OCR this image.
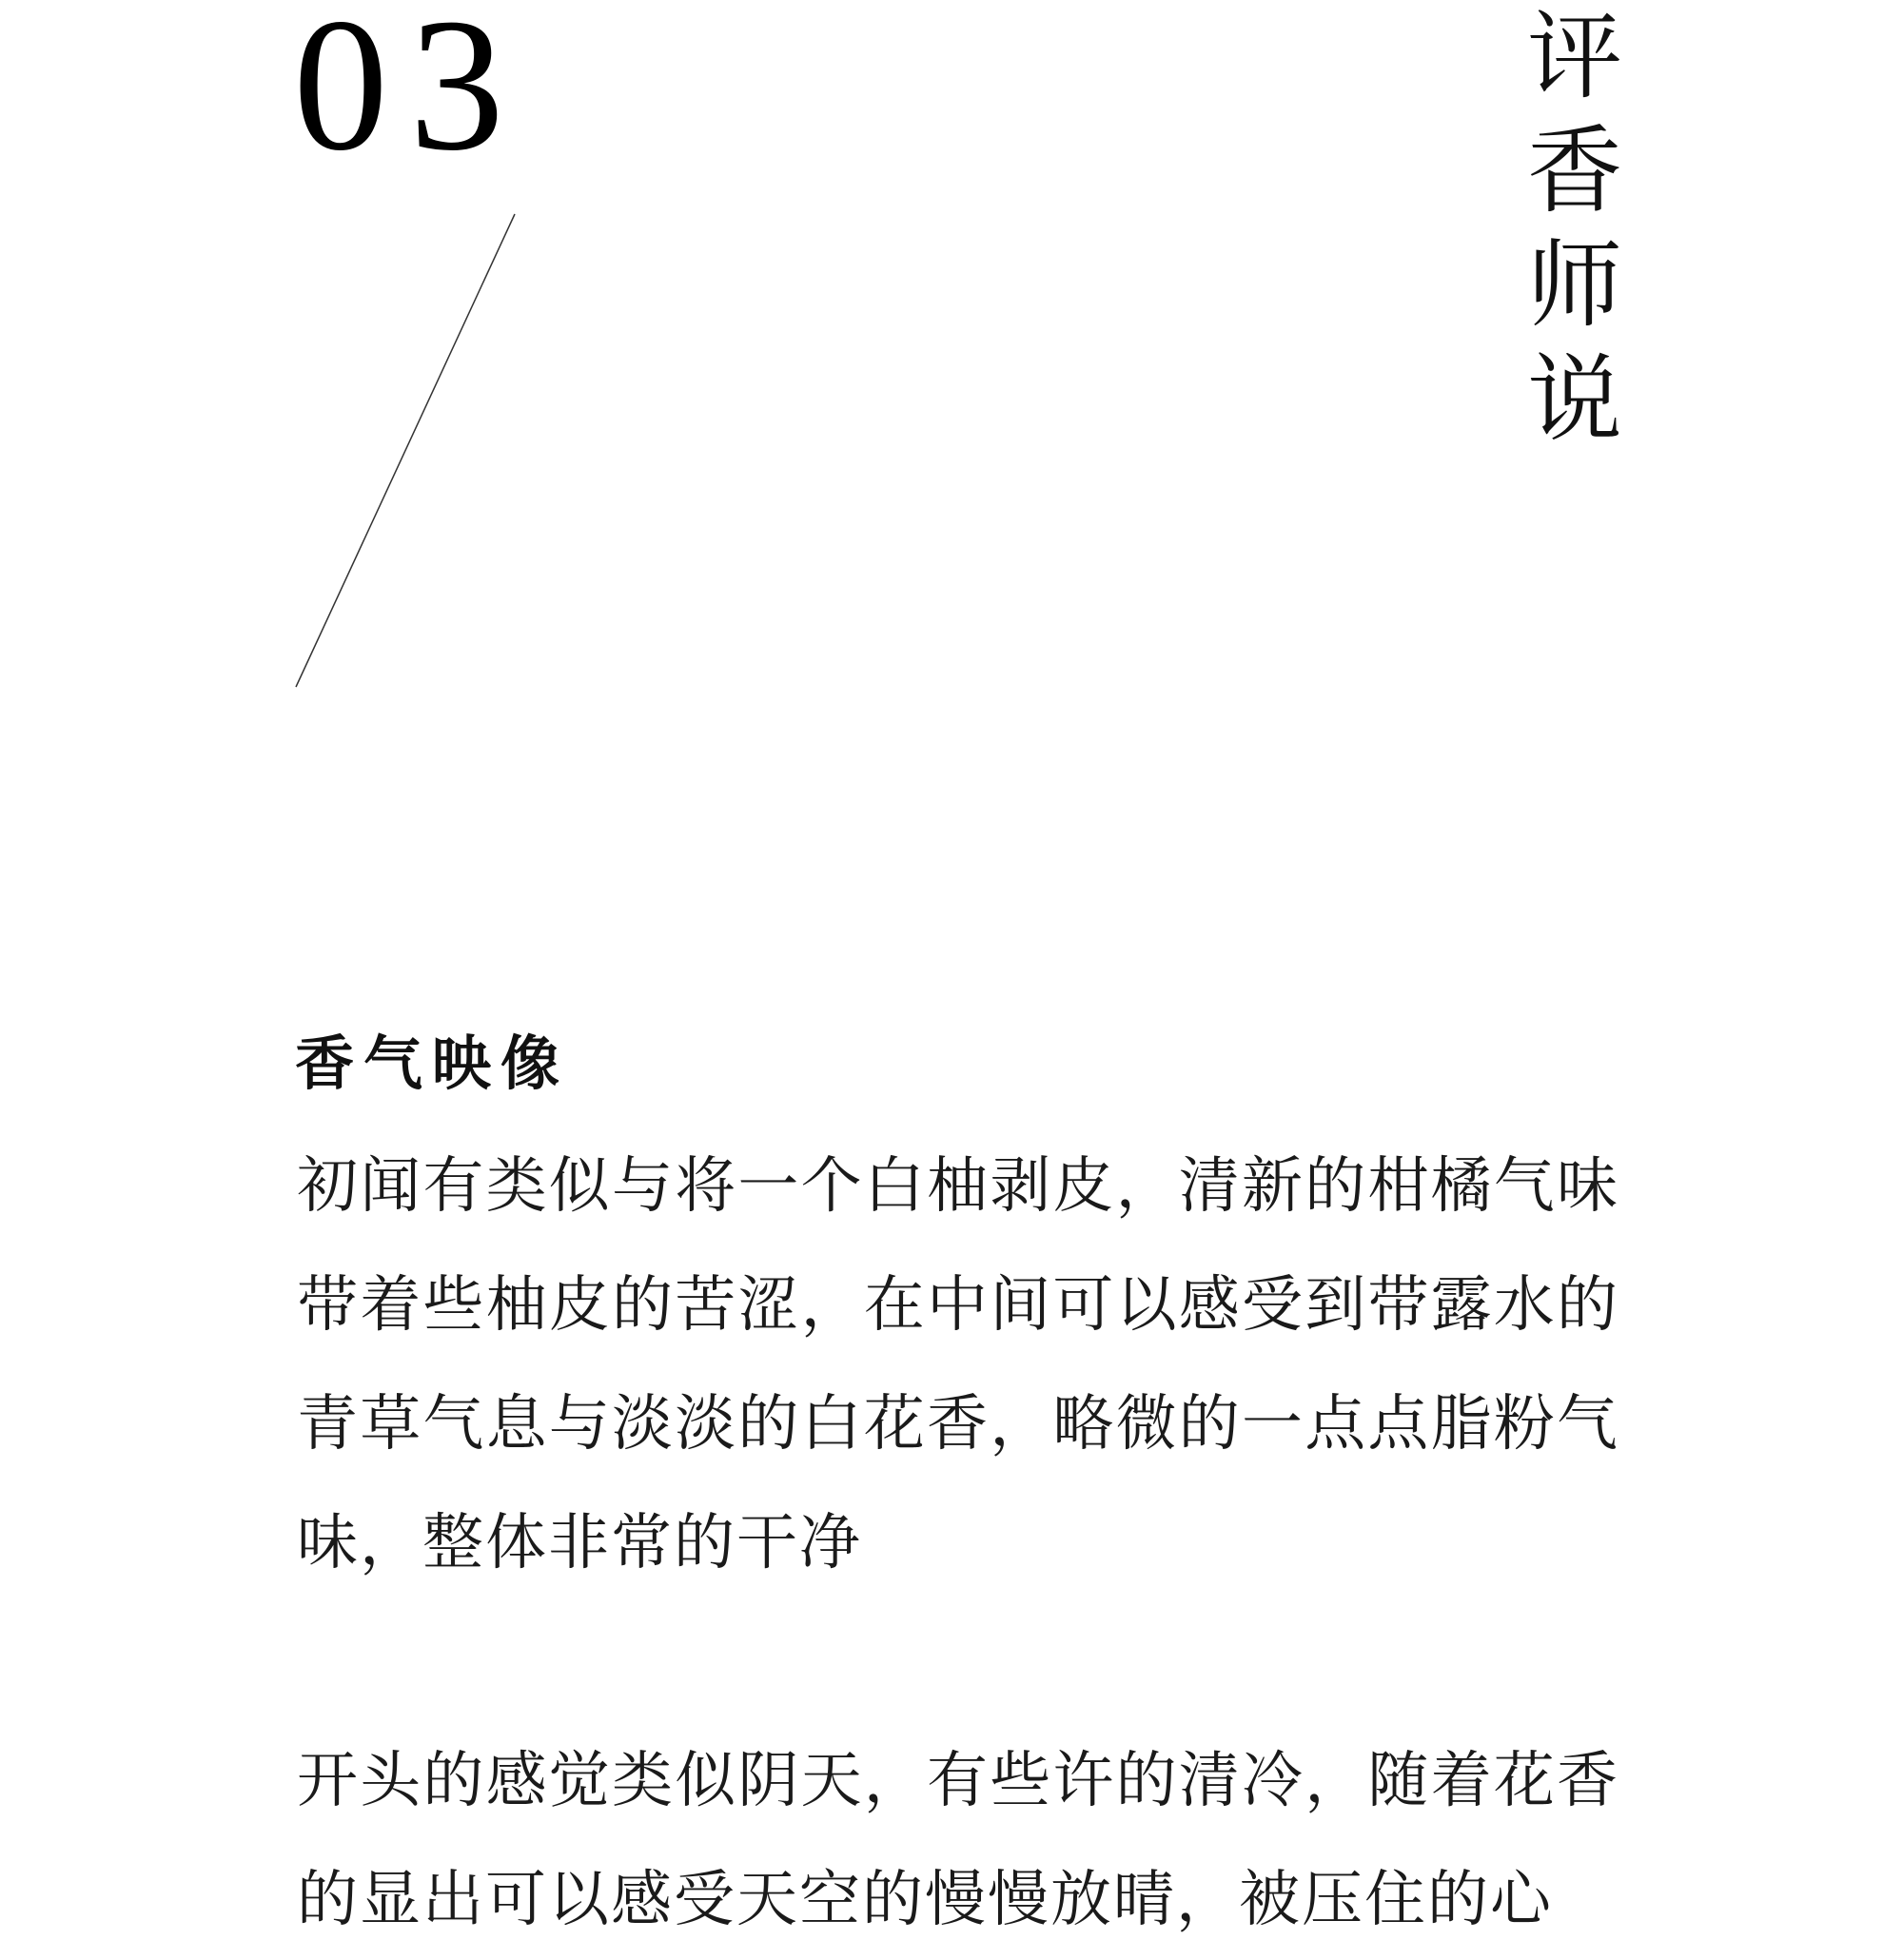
03	评
香
师
说
香气映像
初闻有类似与将一个白柚剥皮，清新的柑橘气味带着些柚皮的苦涩，在中间可以感受到带露水的青草气息与淡淡的白花香，略微的一点点脂粉气味，整体非常的干净
开头的感觉类似阴天，有些许的清冷，随着花香的显出可以感受天空的慢慢放晴，被压住的心
